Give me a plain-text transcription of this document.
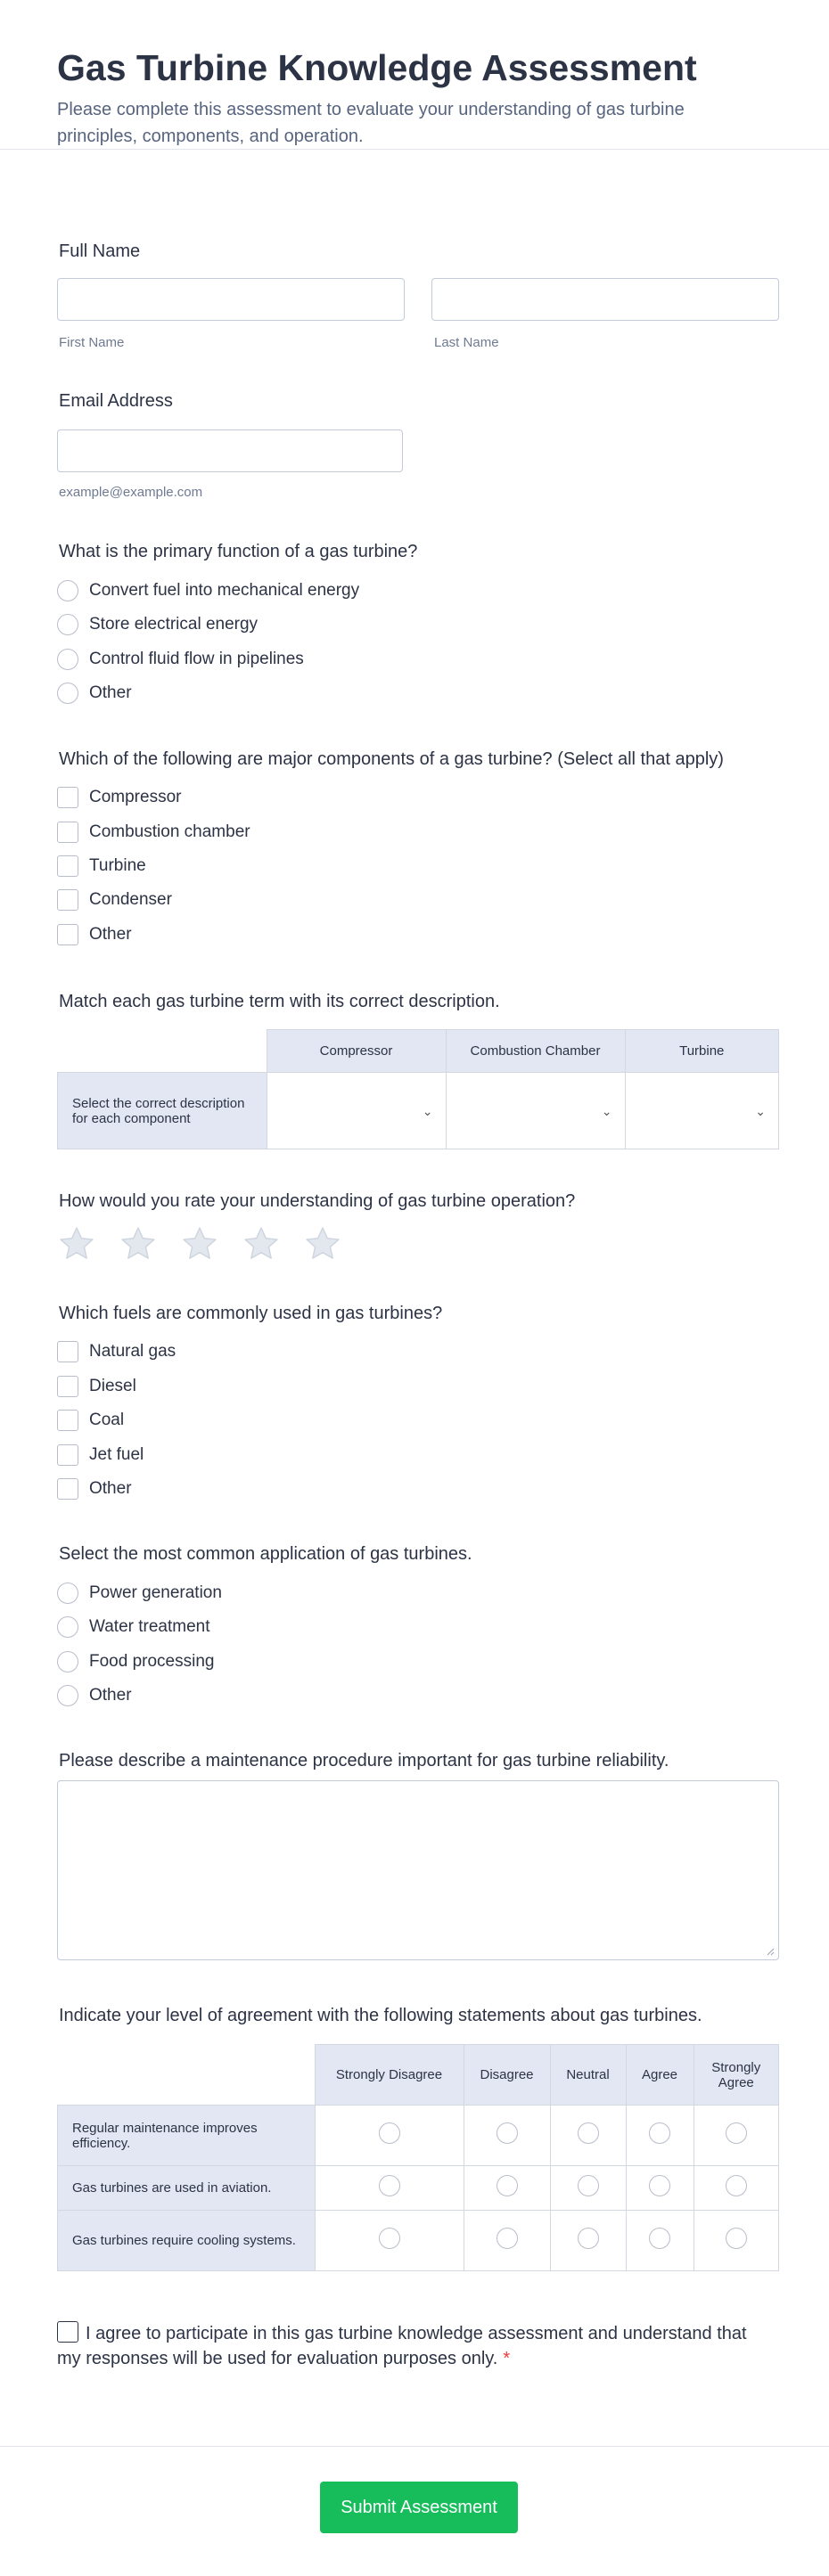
Gas Turbine Knowledge Assessment
Please complete this assessment to evaluate your understanding of gas turbine principles, components, and operation.
Full Name
First Name	Last Name
Email Address
example@example.com
What is the primary function of a gas turbine?
Convert fuel into mechanical energy
Store electrical energy
Control fluid flow in pipelines
Other
Which of the following are major components of a gas turbine? (Select all that apply)
Compressor
Combustion chamber
Turbine
Condenser
Other
Match each gas turbine term with its correct description.
	Compressor	Combustion Chamber	Turbine
Select the correct description for each component	⌄	⌄	⌄
How would you rate your understanding of gas turbine operation?
Which fuels are commonly used in gas turbines?
Natural gas
Diesel
Coal
Jet fuel
Other
Select the most common application of gas turbines.
Power generation
Water treatment
Food processing
Other
Please describe a maintenance procedure important for gas turbine reliability.
Indicate your level of agreement with the following statements about gas turbines.
	Strongly Disagree	Disagree	Neutral	Agree	Strongly Agree
Regular maintenance improves efficiency.					
Gas turbines are used in aviation.					
Gas turbines require cooling systems.					
I agree to participate in this gas turbine knowledge assessment and understand that my responses will be used for evaluation purposes only. *
Submit Assessment
